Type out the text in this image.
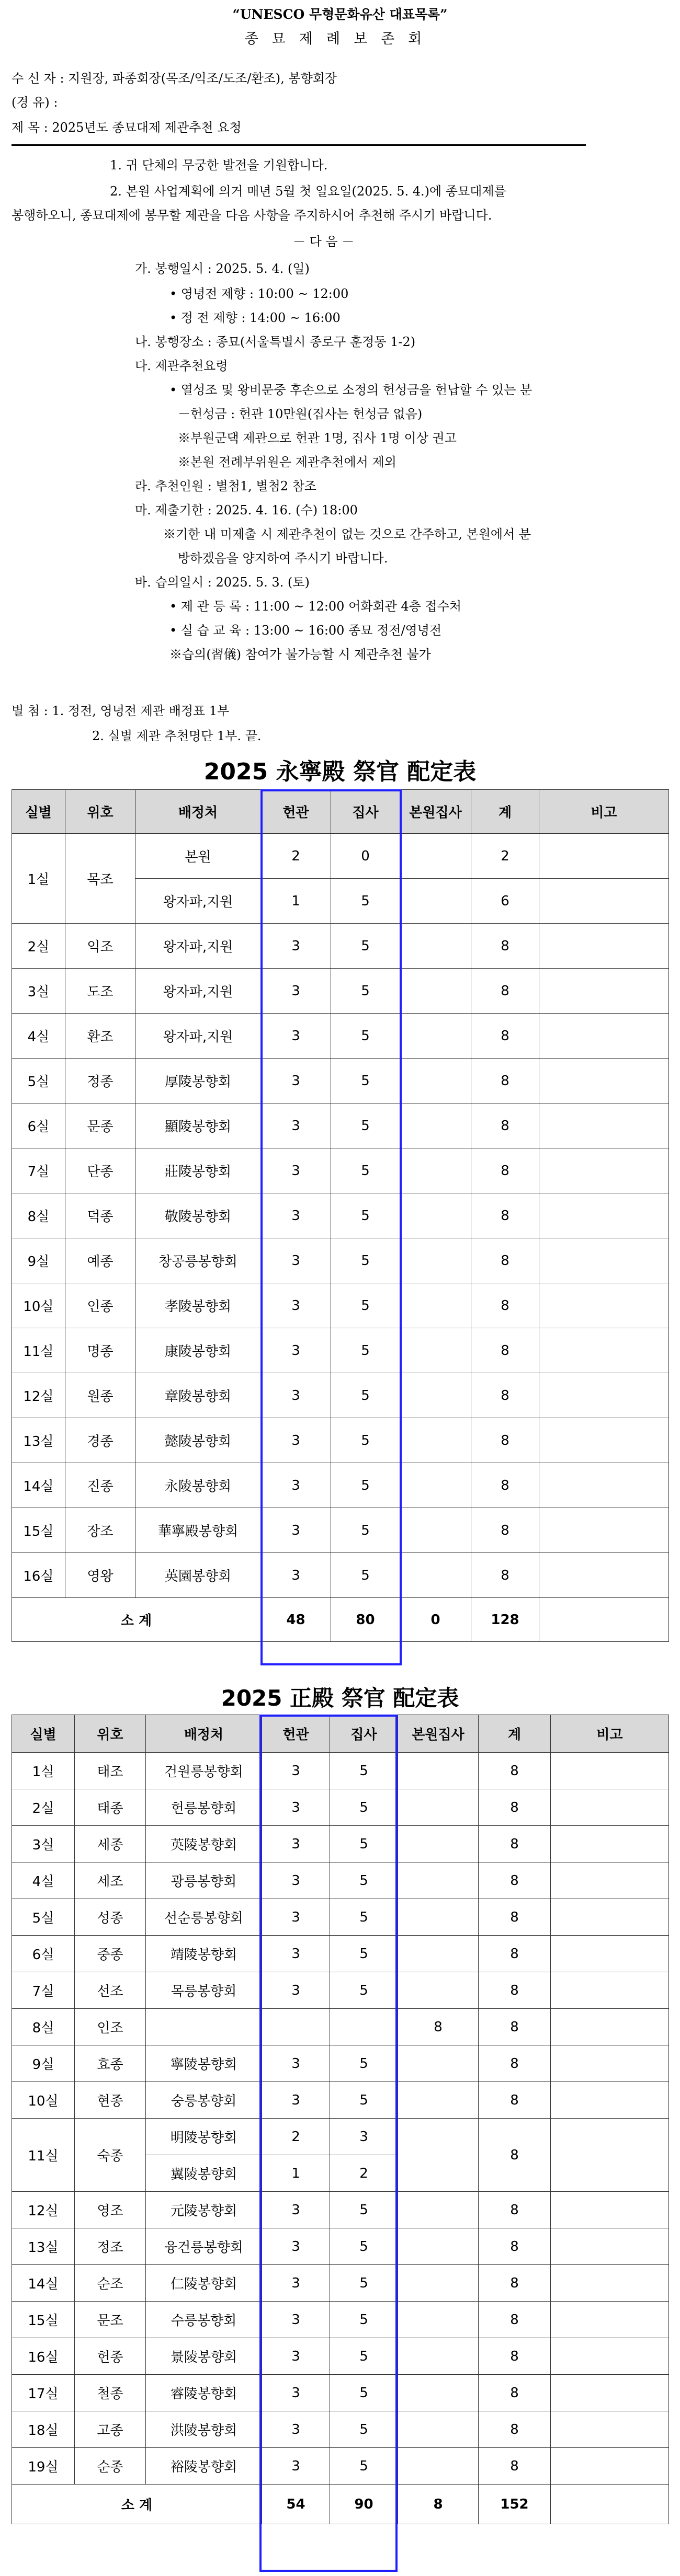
“UNESCO 무형문화유산 대표목록”
종묘제례보존회
수 신 자 : 지원장, 파종회장(목조/익조/도조/환조), 봉향회장
(경 유) :
제 목 : 2025년도 종묘대제 제관추천 요청
1. 귀 단체의 무궁한 발전을 기원합니다.
2. 본원 사업계획에 의거 매년 5월 첫 일요일(2025. 5. 4.)에 종묘대제를
봉행하오니, 종묘대제에 봉무할 제관을 다음 사항을 주지하시어 추천해 주시기 바랍니다.
－ 다 음 －
가. 봉행일시 : 2025. 5. 4. (일)
• 영녕전 제향 : 10:00 ~ 12:00
• 정 전 제향 : 14:00 ~ 16:00
나. 봉행장소 : 종묘(서울특별시 종로구 훈정동 1-2)
다. 제관추천요령
• 열성조 및 왕비문중 후손으로 소정의 헌성금을 헌납할 수 있는 분
－헌성금 : 헌관 10만원(집사는 헌성금 없음)
※부원군댁 제관으로 헌관 1명, 집사 1명 이상 권고
※본원 전례부위원은 제관추천에서 제외
라. 추천인원 : 별첨1, 별첨2 참조
마. 제출기한 : 2025. 4. 16. (수) 18:00
※기한 내 미제출 시 제관추천이 없는 것으로 간주하고, 본원에서 분
방하겠음을 양지하여 주시기 바랍니다.
바. 습의일시 : 2025. 5. 3. (토)
• 제 관 등 록 : 11:00 ~ 12:00 어화회관 4층 접수처
• 실 습 교 육 : 13:00 ~ 16:00 종묘 정전/영녕전
※습의(習儀) 참여가 불가능할 시 제관추천 불가
별 첨 : 1. 정전, 영녕전 제관 배정표 1부
2. 실별 제관 추천명단 1부. 끝.
2025 永寧殿 祭官 配定表
실별	위호	배정처	헌관	집사	본원집사	계	비고
1실	목조	본원	2	0		2	
		왕자파,지원	1	5		6	
2실	익조	왕자파,지원	3	5		8	
3실	도조	왕자파,지원	3	5		8	
4실	환조	왕자파,지원	3	5		8	
5실	정종	厚陵봉향회	3	5		8	
6실	문종	顯陵봉향회	3	5		8	
7실	단종	莊陵봉향회	3	5		8	
8실	덕종	敬陵봉향회	3	5		8	
9실	예종	창공릉봉향회	3	5		8	
10실	인종	孝陵봉향회	3	5		8	
11실	명종	康陵봉향회	3	5		8	
12실	원종	章陵봉향회	3	5		8	
13실	경종	懿陵봉향회	3	5		8	
14실	진종	永陵봉향회	3	5		8	
15실	장조	華寧殿봉향회	3	5		8	
16실	영왕	英園봉향회	3	5		8	
소 계			48	80	0	128	
2025 正殿 祭官 配定表
실별	위호	배정처	헌관	집사	본원집사	계	비고
1실	태조	건원릉봉향회	3	5		8	
2실	태종	헌릉봉향회	3	5		8	
3실	세종	英陵봉향회	3	5		8	
4실	세조	광릉봉향회	3	5		8	
5실	성종	선순릉봉향회	3	5		8	
6실	중종	靖陵봉향회	3	5		8	
7실	선조	목릉봉향회	3	5		8	
8실	인조				8	8	
9실	효종	寧陵봉향회	3	5		8	
10실	현종	숭릉봉향회	3	5		8	
11실	숙종	明陵봉향회	2	3		8	
		翼陵봉향회	1	2			
12실	영조	元陵봉향회	3	5		8	
13실	정조	융건릉봉향회	3	5		8	
14실	순조	仁陵봉향회	3	5		8	
15실	문조	수릉봉향회	3	5		8	
16실	헌종	景陵봉향회	3	5		8	
17실	철종	睿陵봉향회	3	5		8	
18실	고종	洪陵봉향회	3	5		8	
19실	순종	裕陵봉향회	3	5		8	
소 계			54	90	8	152	
